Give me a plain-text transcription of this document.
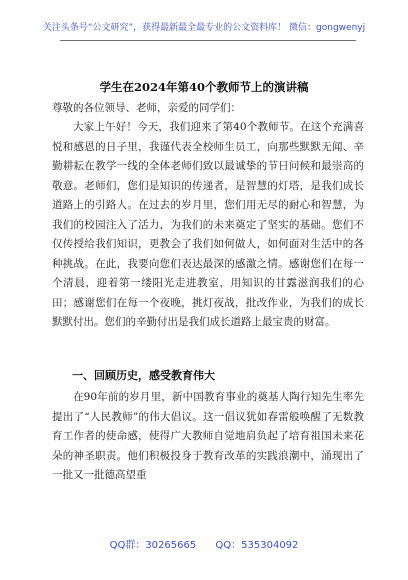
关注头条号“公文研究”，获得最新最全最专业的公文资料库！ 微信：gongwenyj
学生在2024年第40个教师节上的演讲稿
尊敬的各位领导、老师，亲爱的同学们：

大家上午好！今天，我们迎来了第40个教师节。在这个充满喜悦和感恩的日子里，我谨代表全校师生员工，向那些默默无闻、辛勤耕耘在教学一线的全体老师们致以最诚挚的节日问候和最崇高的敬意。老师们，您们是知识的传递者，是智慧的灯塔，是我们成长道路上的引路人。在过去的岁月里，您们用无尽的耐心和智慧，为我们的校园注入了活力，为我们的未来奠定了坚实的基础。您们不仅传授给我们知识，更教会了我们如何做人，如何面对生活中的各种挑战。在此，我要向您们表达最深的感激之情。感谢您们在每一个清晨，迎着第一缕阳光走进教室，用知识的甘露滋润我们的心田；感谢您们在每一个夜晚，挑灯夜战，批改作业，为我们的成长默默付出。您们的辛勤付出是我们成长道路上最宝贵的财富。

一、回顾历史，感受教育伟大

在90年前的岁月里，新中国教育事业的奠基人陶行知先生率先提出了“人民教师”的伟大倡议。这一倡议犹如春雷般唤醒了无数教育工作者的使命感，使得广大教师自觉地肩负起了培育祖国未来花朵的神圣职责。他们积极投身于教育改革的实践浪潮中，涌现出了一批又一批德高望重

QQ群：30265665 QQ：535304092
